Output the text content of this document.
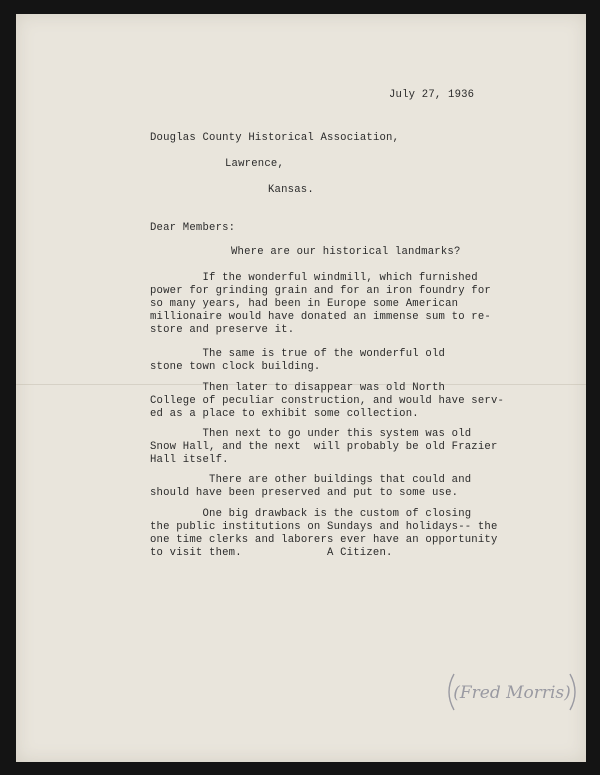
July 27, 1936
Douglas County Historical Association,
Lawrence,
Kansas.
Dear Members:
Where are our historical landmarks?
If the wonderful windmill, which furnished
power for grinding grain and for an iron foundry for
so many years, had been in Europe some American
millionaire would have donated an immense sum to re-
store and preserve it.
The same is true of the wonderful old
stone town clock building.
Then later to disappear was old North
College of peculiar construction, and would have serv-
ed as a place to exhibit some collection.
Then next to go under this system was old
Snow Hall, and the next  will probably be old Frazier
Hall itself.
There are other buildings that could and
should have been preserved and put to some use.
One big drawback is the custom of closing
the public institutions on Sundays and holidays-- the
one time clerks and laborers ever have an opportunity
to visit them.	A Citizen.
(Fred Morris)
